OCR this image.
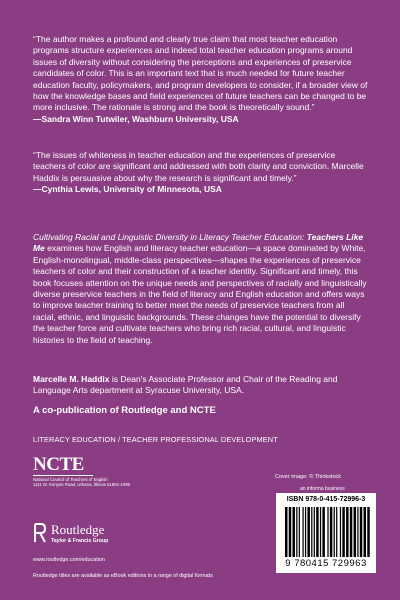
“The author makes a profound and clearly true claim that most teacher education programs structure experiences and indeed total teacher education programs around issues of diversity without considering the perceptions and experiences of preservice candidates of color. This is an important text that is much needed for future teacher education faculty, policymakers, and program developers to consider, if a broader view of how the knowledge bases and field experiences of future teachers can be changed to be more inclusive. The rationale is strong and the book is theoretically sound.”

—Sandra Winn Tutwiler, Washburn University, USA

“The issues of whiteness in teacher education and the experiences of preservice teachers of color are significant and addressed with both clarity and conviction. Marcelle Haddix is persuasive about why the research is significant and timely.”

—Cynthia Lewis, University of Minnesota, USA

Cultivating Racial and Linguistic Diversity in Literacy Teacher Education: Teachers Like Me examines how English and literacy teacher education—a space dominated by White, English-monolingual, middle-class perspectives—shapes the experiences of preservice teachers of color and their construction of a teacher identity. Significant and timely, this book focuses attention on the unique needs and perspectives of racially and linguistically diverse preservice teachers in the field of literacy and English education and offers ways to improve teacher training to better meet the needs of preservice teachers from all racial, ethnic, and linguistic backgrounds. These changes have the potential to diversify the teacher force and cultivate teachers who bring rich racial, cultural, and linguistic histories to the field of teaching.

Marcelle M. Haddix is Dean's Associate Professor and Chair of the Reading and Language Arts department at Syracuse University, USA.

A co-publication of Routledge and NCTE
LITERACY EDUCATION / TEACHER PROFESSIONAL DEVELOPMENT
NCTE
National Council of Teachers of English
1111 W. Kenyon Road, Urbana, Illinois 61801-1096
Routledge
Taylor & Francis Group
www.routledge.com/education
Routledge titles are available as eBook editions in a range of digital formats
Cover image: © Thinkstock
an informa business
ISBN 978-0-415-72996-3
9 780415 729963
